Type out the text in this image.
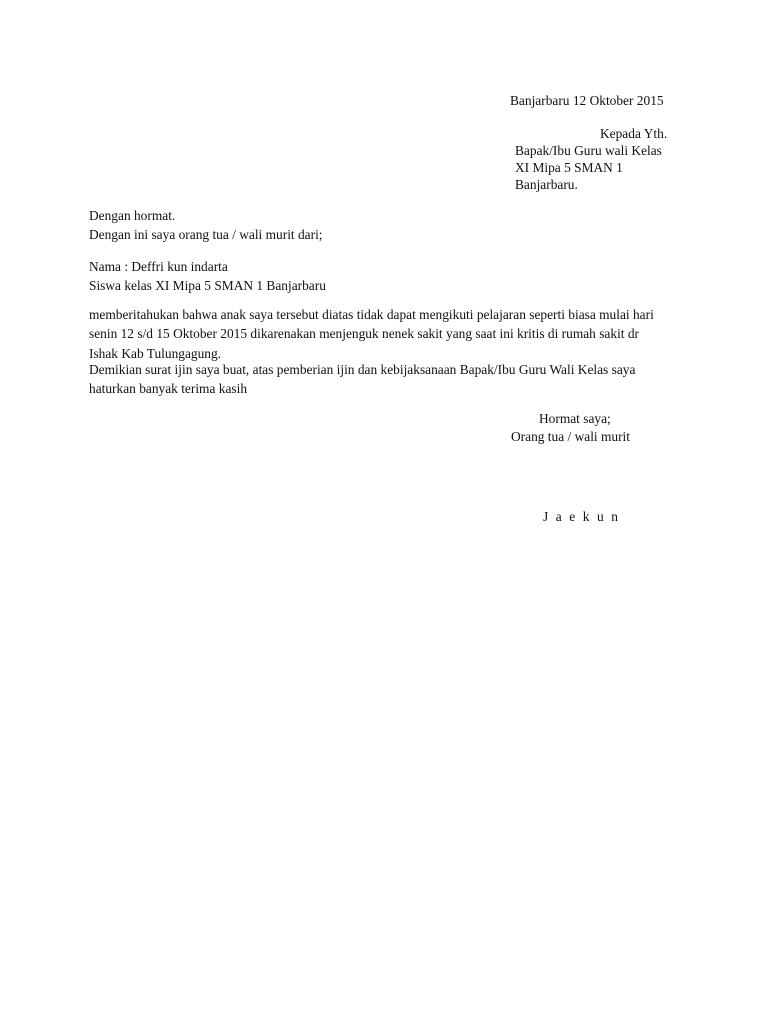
Banjarbaru 12 Oktober 2015
Kepada Yth.
Bapak/Ibu Guru wali Kelas
XI Mipa 5 SMAN 1
Banjarbaru.
Dengan hormat.
Dengan ini saya orang tua / wali murit dari;
Nama : Deffri kun indarta
Siswa kelas XI Mipa 5 SMAN 1 Banjarbaru
memberitahukan bahwa anak saya tersebut diatas tidak dapat mengikuti pelajaran seperti biasa mulai hari
senin 12 s/d 15 Oktober 2015 dikarenakan menjenguk nenek sakit yang saat ini kritis di rumah sakit dr
Ishak Kab Tulungagung.
Demikian surat ijin saya buat, atas pemberian ijin dan kebijaksanaan Bapak/Ibu Guru Wali Kelas saya
haturkan banyak terima kasih
Hormat saya;
Orang tua / wali murit
J a e k u n
